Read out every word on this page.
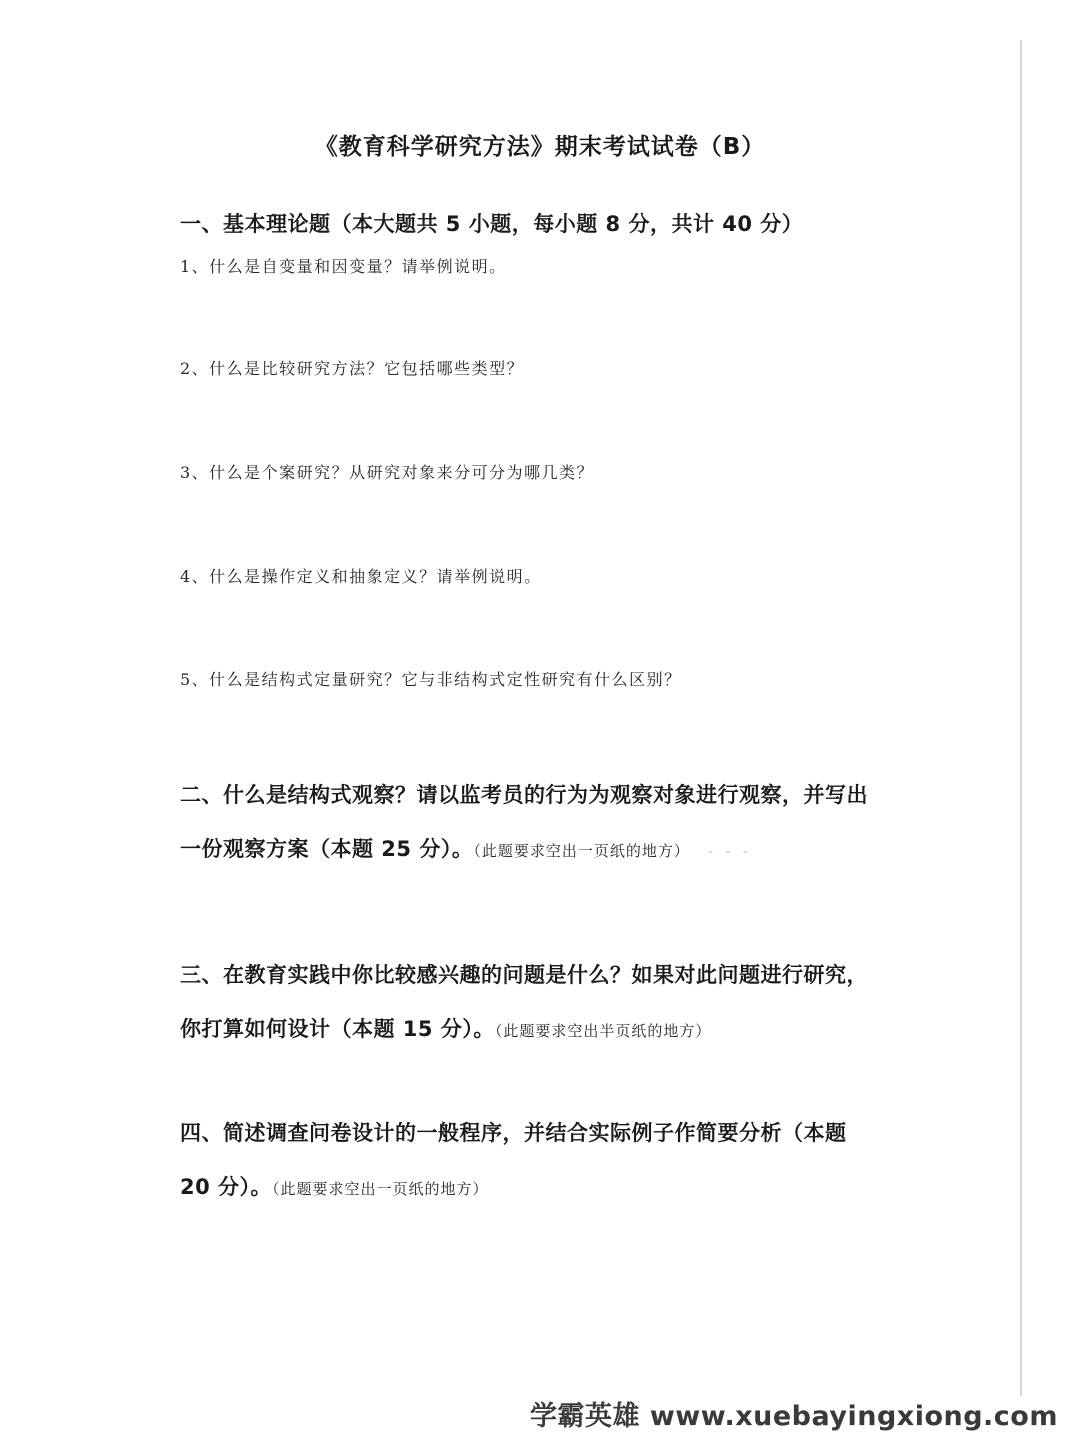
《教育科学研究方法》期末考试试卷（B）
一、基本理论题（本大题共 5 小题，每小题 8 分，共计 40 分）
1、什么是自变量和因变量？请举例说明。
2、什么是比较研究方法？它包括哪些类型？
3、什么是个案研究？从研究对象来分可分为哪几类？
4、什么是操作定义和抽象定义？请举例说明。
5、什么是结构式定量研究？它与非结构式定性研究有什么区别？
二、什么是结构式观察？请以监考员的行为为观察对象进行观察，并写出一份观察方案（本题 25 分）。（此题要求空出一页纸的地方） - - -
三、在教育实践中你比较感兴趣的问题是什么？如果对此问题进行研究，你打算如何设计（本题 15 分）。（此题要求空出半页纸的地方）
四、简述调查问卷设计的一般程序，并结合实际例子作简要分析（本题 20 分）。（此题要求空出一页纸的地方）
学霸英雄 www.xuebayingxiong.com
